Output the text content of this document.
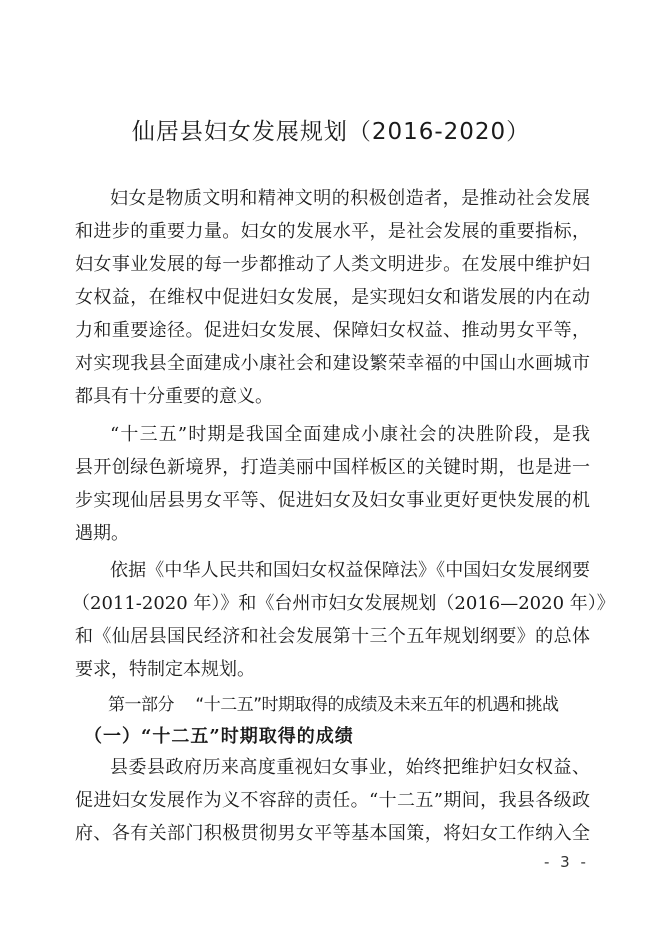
仙居县妇女发展规划（2016-2020）
妇女是物质文明和精神文明的积极创造者，是推动社会发展
和进步的重要力量。妇女的发展水平，是社会发展的重要指标，
妇女事业发展的每一步都推动了人类文明进步。在发展中维护妇
女权益，在维权中促进妇女发展，是实现妇女和谐发展的内在动
力和重要途径。促进妇女发展、保障妇女权益、推动男女平等，
对实现我县全面建成小康社会和建设繁荣幸福的中国山水画城市
都具有十分重要的意义。
“十三五”时期是我国全面建成小康社会的决胜阶段，是我
县开创绿色新境界，打造美丽中国样板区的关键时期，也是进一
步实现仙居县男女平等、促进妇女及妇女事业更好更快发展的机
遇期。
依据《中华人民共和国妇女权益保障法》《中国妇女发展纲要
（2011-2020 年）》和《台州市妇女发展规划（2016—2020 年）》
和《仙居县国民经济和社会发展第十三个五年规划纲要》的总体
要求，特制定本规划。
第一部分　 “十二五”时期取得的成绩及未来五年的机遇和挑战
（一）“十二五”时期取得的成绩
县委县政府历来高度重视妇女事业，始终把维护妇女权益、
促进妇女发展作为义不容辞的责任。“十二五”期间，我县各级政
府、各有关部门积极贯彻男女平等基本国策，将妇女工作纳入全
- 3 -
